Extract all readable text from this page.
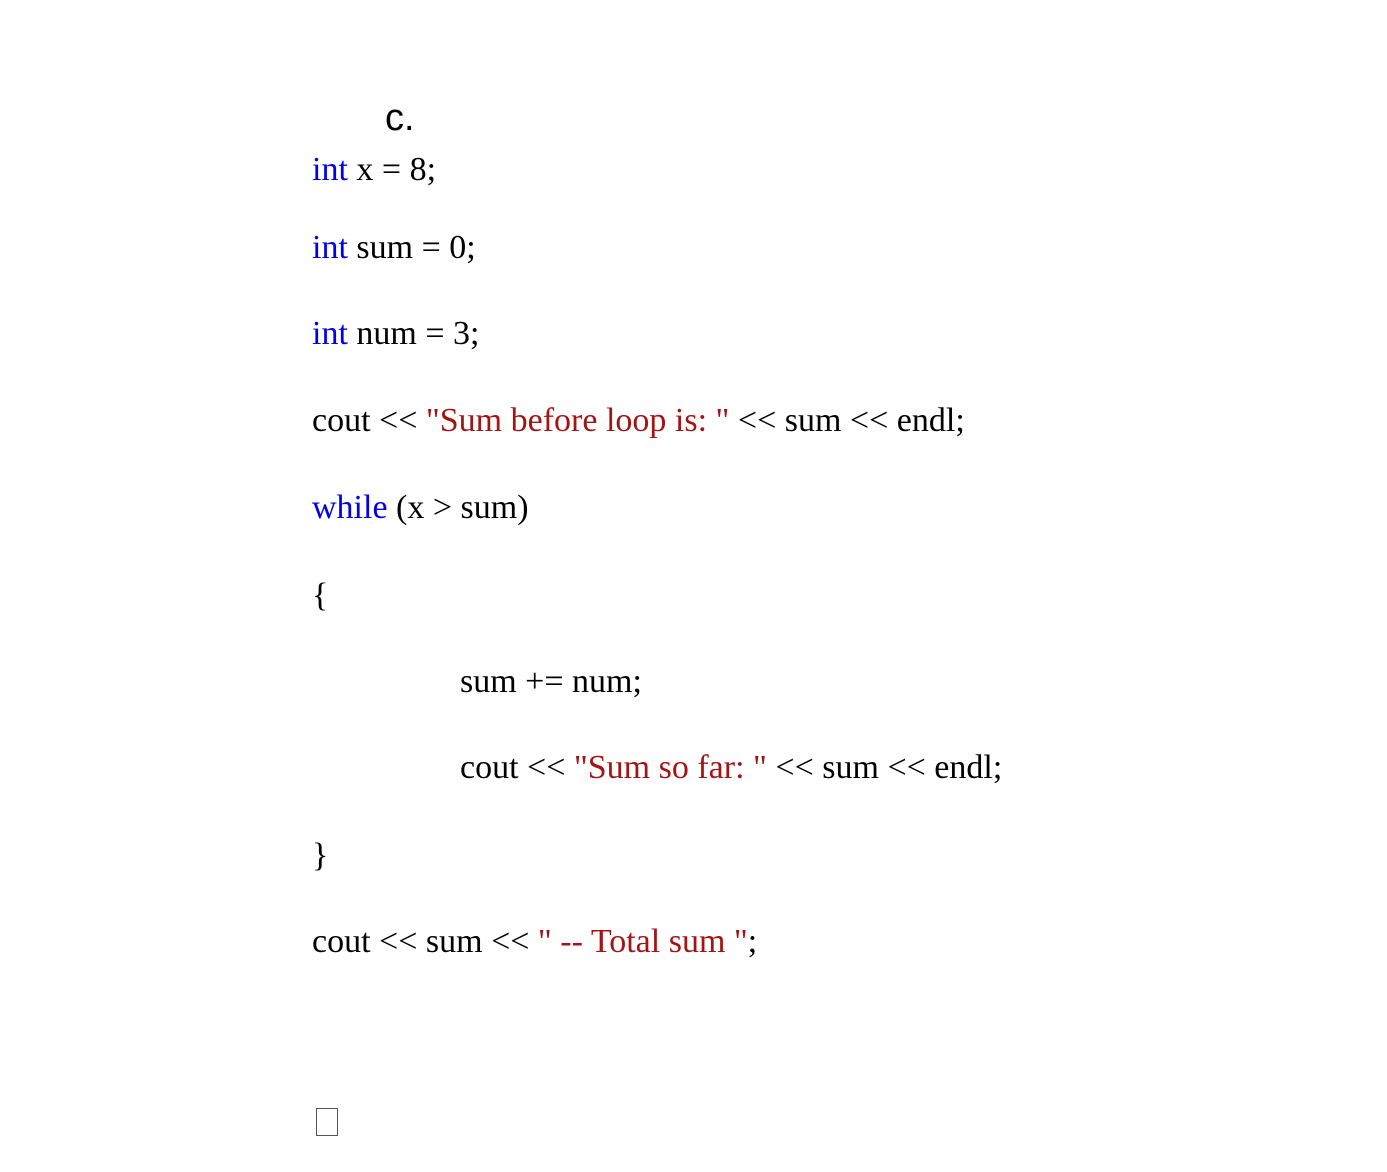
c.
int x = 8;
int sum = 0;
int num = 3;
cout << "Sum before loop is: " << sum << endl;
while (x > sum)
{
sum += num;
cout << "Sum so far: " << sum << endl;
}
cout << sum << " -- Total sum ";
